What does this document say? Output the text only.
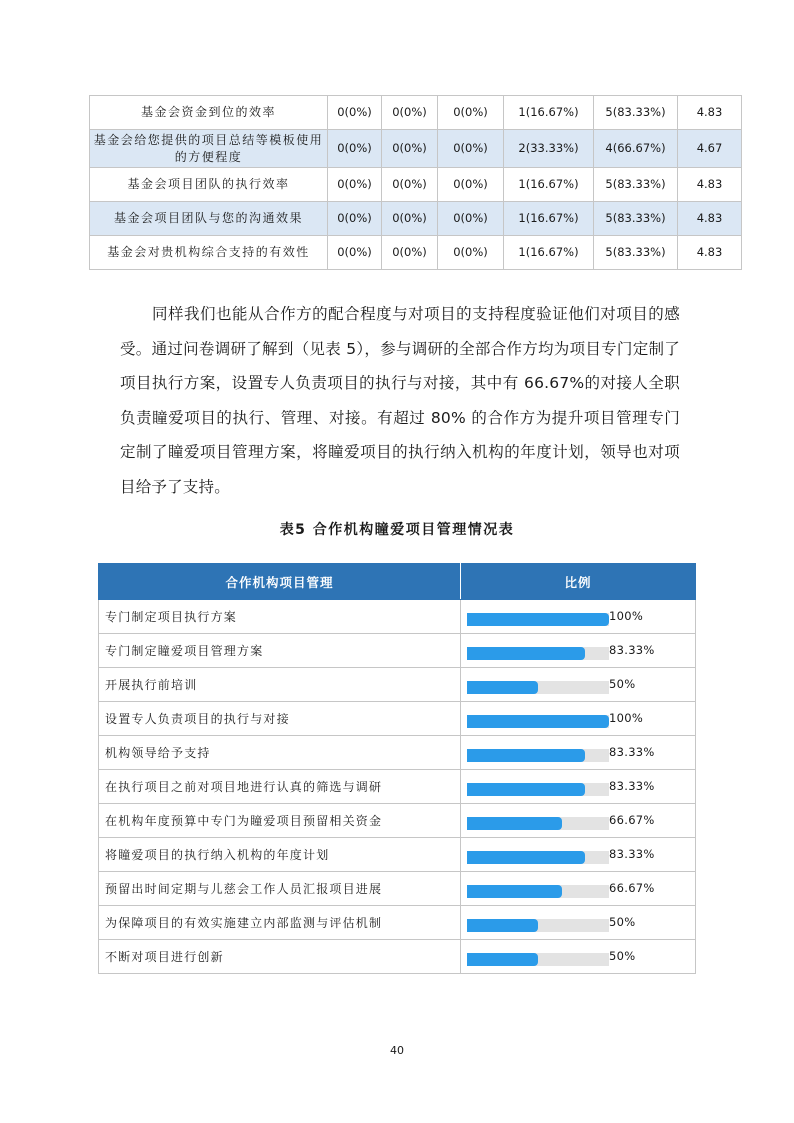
基金会资金到位的效率	0(0%)	0(0%)	0(0%)	1(16.67%)	5(83.33%)	4.83
基金会给您提供的项目总结等模板使用的方便程度	0(0%)	0(0%)	0(0%)	2(33.33%)	4(66.67%)	4.67
基金会项目团队的执行效率	0(0%)	0(0%)	0(0%)	1(16.67%)	5(83.33%)	4.83
基金会项目团队与您的沟通效果	0(0%)	0(0%)	0(0%)	1(16.67%)	5(83.33%)	4.83
基金会对贵机构综合支持的有效性	0(0%)	0(0%)	0(0%)	1(16.67%)	5(83.33%)	4.83

同样我们也能从合作方的配合程度与对项目的支持程度验证他们对项目的感受。通过问卷调研了解到（见表 5），参与调研的全部合作方均为项目专门定制了项目执行方案，设置专人负责项目的执行与对接，其中有 66.67%的对接人全职负责瞳爱项目的执行、管理、对接。有超过 80% 的合作方为提升项目管理专门定制了瞳爱项目管理方案，将瞳爱项目的执行纳入机构的年度计划，领导也对项目给予了支持。

表5 合作机构瞳爱项目管理情况表
合作机构项目管理	比例
专门制定项目执行方案	100%

专门制定瞳爱项目管理方案	83.33%

开展执行前培训	50%

设置专人负责项目的执行与对接	100%

机构领导给予支持	83.33%

在执行项目之前对项目地进行认真的筛选与调研	83.33%

在机构年度预算中专门为瞳爱项目预留相关资金	66.67%

将瞳爱项目的执行纳入机构的年度计划	83.33%

预留出时间定期与儿慈会工作人员汇报项目进展	66.67%

为保障项目的有效实施建立内部监测与评估机制	50%

不断对项目进行创新	50%
40
